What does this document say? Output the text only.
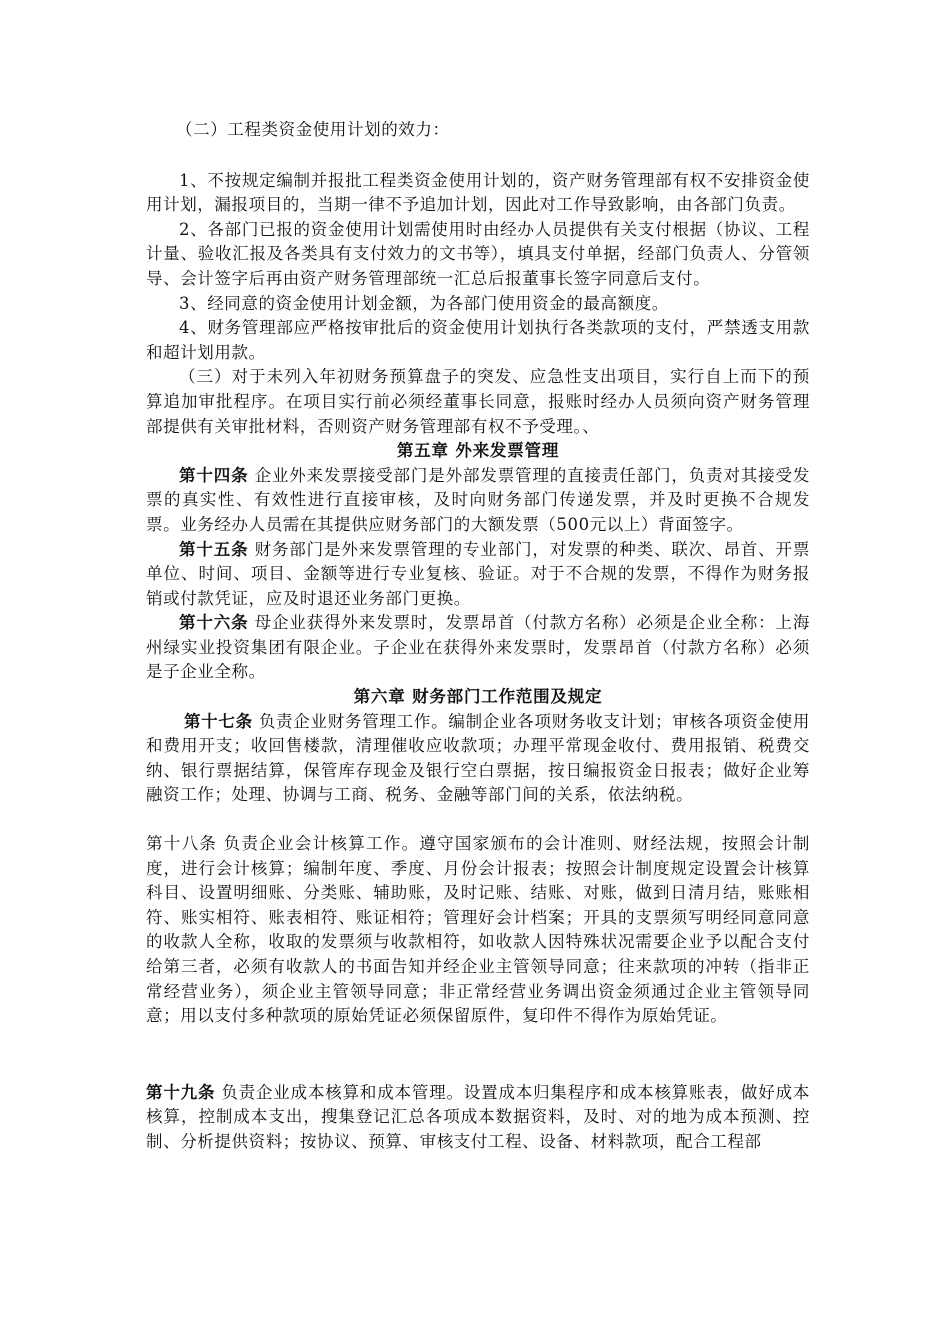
（二）工程类资金使用计划的效力：

1、不按规定编制并报批工程类资金使用计划的，资产财务管理部有权不安排资金使用计划，漏报项目的，当期一律不予追加计划，因此对工作导致影响，由各部门负责。

2、各部门已报的资金使用计划需使用时由经办人员提供有关支付根据（协议、工程计量、验收汇报及各类具有支付效力的文书等），填具支付单据，经部门负责人、分管领导、会计签字后再由资产财务管理部统一汇总后报董事长签字同意后支付。

3、经同意的资金使用计划金额，为各部门使用资金的最高额度。

4、财务管理部应严格按审批后的资金使用计划执行各类款项的支付，严禁透支用款和超计划用款。

（三）对于未列入年初财务预算盘子的突发、应急性支出项目，实行自上而下的预算追加审批程序。在项目实行前必须经董事长同意，报账时经办人员须向资产财务管理部提供有关审批材料，否则资产财务管理部有权不予受理。、

第五章 外来发票管理

第十四条 企业外来发票接受部门是外部发票管理的直接责任部门，负责对其接受发票的真实性、有效性进行直接审核，及时向财务部门传递发票，并及时更换不合规发票。业务经办人员需在其提供应财务部门的大额发票（500元以上）背面签字。

第十五条 财务部门是外来发票管理的专业部门，对发票的种类、联次、昂首、开票单位、时间、项目、金额等进行专业复核、验证。对于不合规的发票，不得作为财务报销或付款凭证，应及时退还业务部门更换。

第十六条 母企业获得外来发票时，发票昂首（付款方名称）必须是企业全称：上海州绿实业投资集团有限企业。子企业在获得外来发票时，发票昂首（付款方名称）必须是子企业全称。

第六章 财务部门工作范围及规定

第十七条 负责企业财务管理工作。编制企业各项财务收支计划；审核各项资金使用和费用开支；收回售楼款，清理催收应收款项；办理平常现金收付、费用报销、税费交纳、银行票据结算，保管库存现金及银行空白票据，按日编报资金日报表；做好企业筹融资工作；处理、协调与工商、税务、金融等部门间的关系，依法纳税。

第十八条 负责企业会计核算工作。遵守国家颁布的会计准则、财经法规，按照会计制度，进行会计核算；编制年度、季度、月份会计报表；按照会计制度规定设置会计核算科目、设置明细账、分类账、辅助账，及时记账、结账、对账，做到日清月结，账账相符、账实相符、账表相符、账证相符；管理好会计档案；开具的支票须写明经同意同意的收款人全称，收取的发票须与收款相符，如收款人因特殊状况需要企业予以配合支付给第三者，必须有收款人的书面告知并经企业主管领导同意；往来款项的冲转（指非正常经营业务），须企业主管领导同意；非正常经营业务调出资金须通过企业主管领导同意；用以支付多种款项的原始凭证必须保留原件，复印件不得作为原始凭证。

第十九条 负责企业成本核算和成本管理。设置成本归集程序和成本核算账表，做好成本核算，控制成本支出，搜集登记汇总各项成本数据资料，及时、对的地为成本预测、控制、分析提供资料；按协议、预算、审核支付工程、设备、材料款项，配合工程部
